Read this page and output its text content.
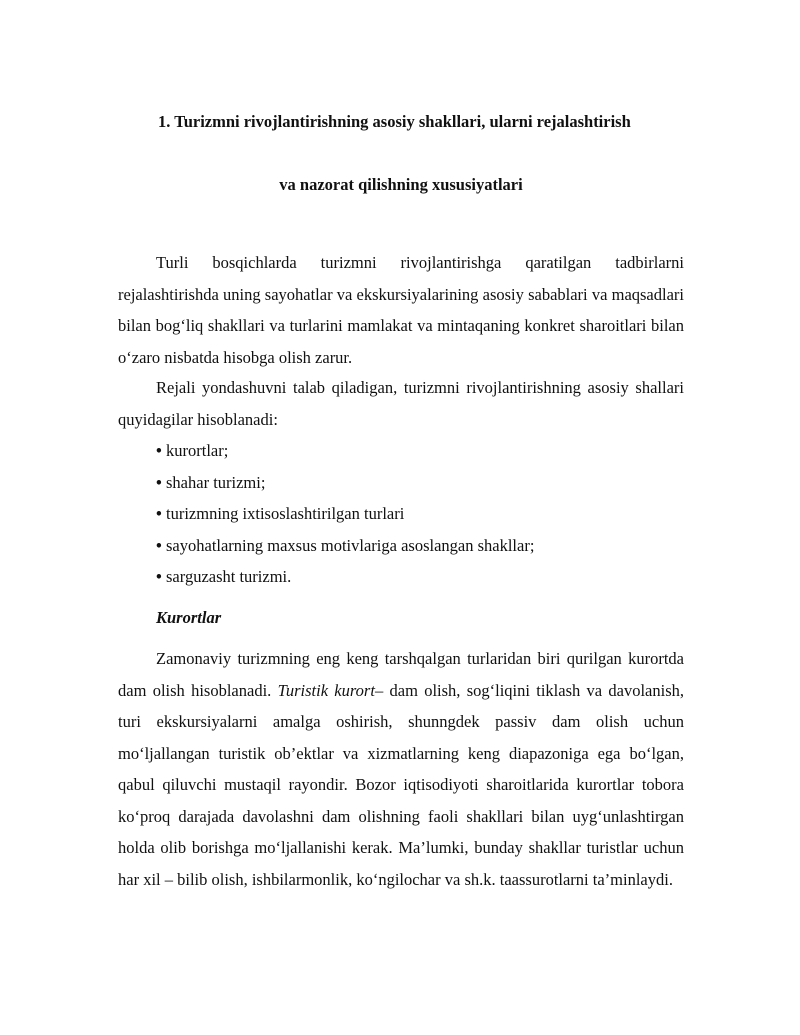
1. Turizmni rivojlantirishning asosiy shakllari, ularni rejalashtirish
va nazorat qilishning xususiyatlari

Turli bosqichlarda turizmni rivojlantirishga qaratilgan tadbirlarni rejalashtirishda uning sayohatlar va ekskursiyalarining asosiy sabablari va maqsadlari bilan bog‘liq shakllari va turlarini mamlakat va mintaqaning konkret sharoitlari bilan o‘zaro nisbatda hisobga olish zarur.

Rejali yondashuvni talab qiladigan, turizmni rivojlantirishning asosiy shallari quyidagilar hisoblanadi:

• kurortlar;
• shahar turizmi;
• turizmning ixtisoslashtirilgan turlari
• sayohatlarning maxsus motivlariga asoslangan shakllar;
• sarguzasht turizmi.
Kurortlar

Zamonaviy turizmning eng keng tarshqalgan turlaridan biri qurilgan kurortda dam olish hisoblanadi. Turistik kurort– dam olish, sog‘liqini tiklash va davolanish, turi ekskursiyalarni amalga oshirish, shunngdek passiv dam olish uchun mo‘ljallangan turistik ob’ektlar va xizmatlarning keng diapazoniga ega bo‘lgan, qabul qiluvchi mustaqil rayondir. Bozor iqtisodiyoti sharoitlarida kurortlar tobora ko‘proq darajada davolashni dam olishning faoli shakllari bilan uyg‘unlashtirgan holda olib borishga mo‘ljallanishi kerak. Ma’lumki, bunday shakllar turistlar uchun har xil – bilib olish, ishbilarmonlik, ko‘ngilochar va sh.k. taassurotlarni ta’minlaydi.
